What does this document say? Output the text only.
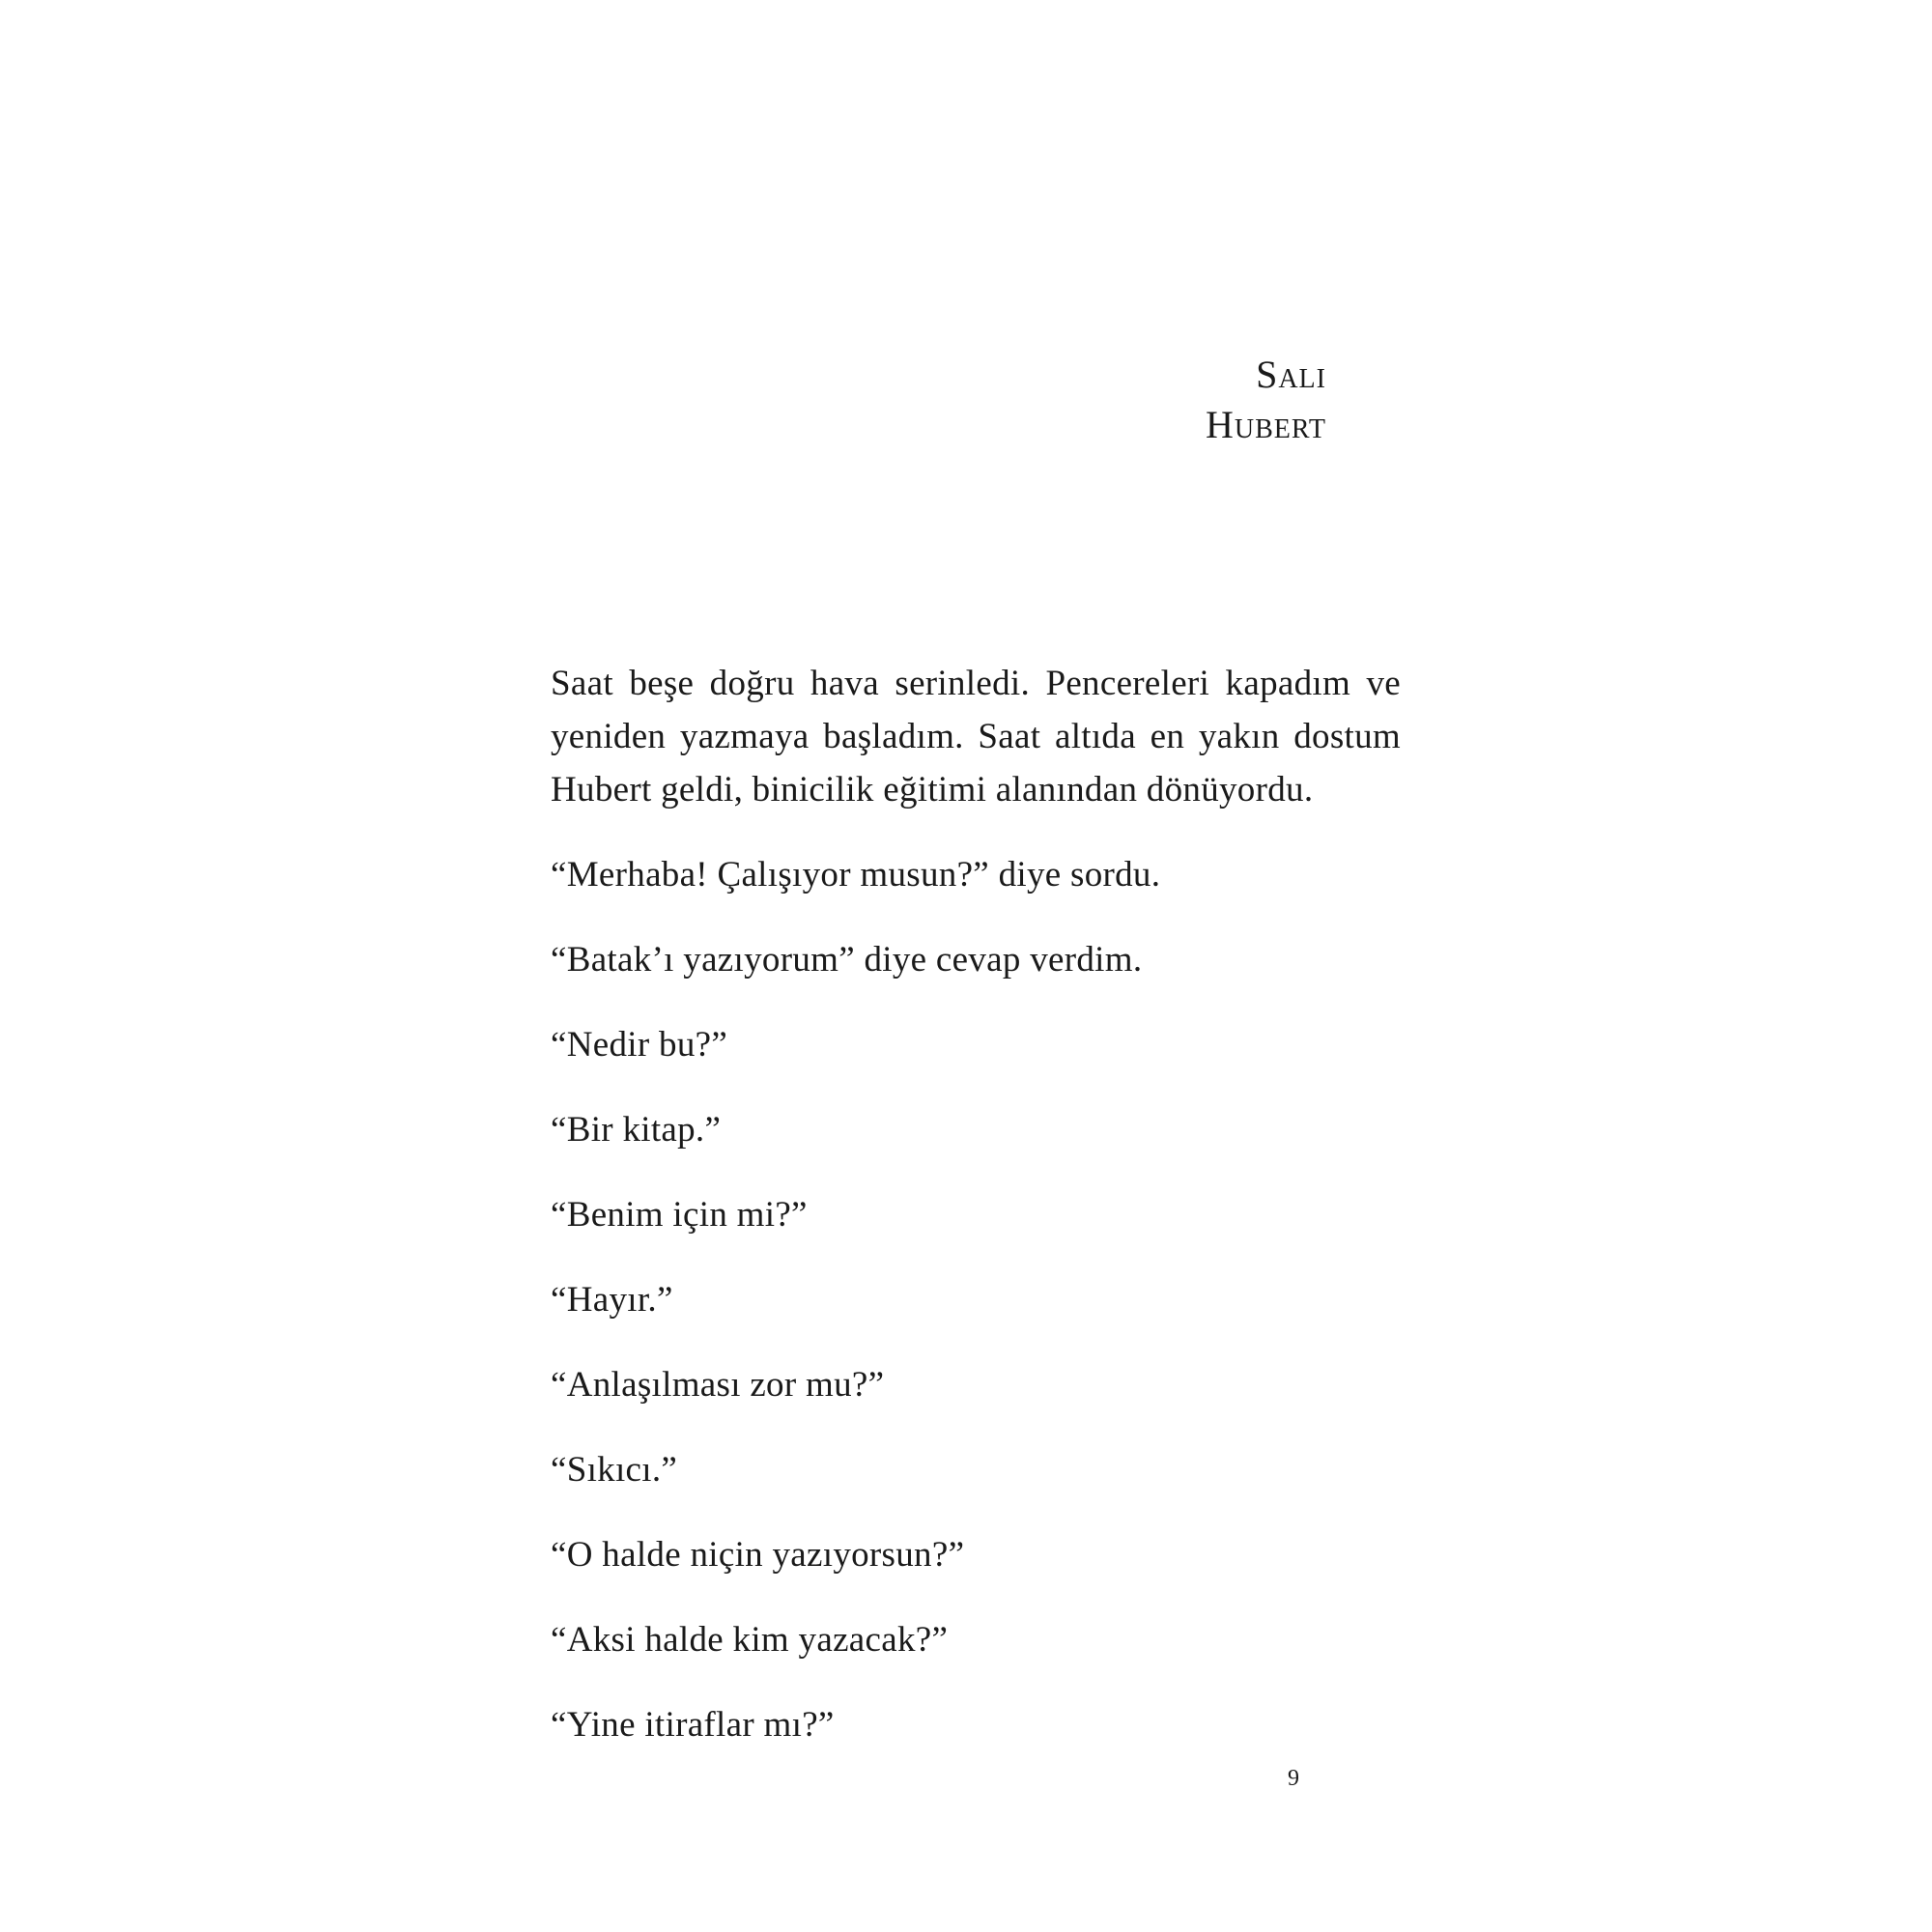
Salı
Hubert

Saat beşe doğru hava serinledi. Pencereleri kapadım ve yeniden yazmaya başladım. Saat altıda en yakın dostum Hubert geldi, binicilik eğitimi alanından dönüyordu.

“Merhaba! Çalışıyor musun?” diye sordu.

“Batak’ı yazıyorum” diye cevap verdim.

“Nedir bu?”

“Bir kitap.”

“Benim için mi?”

“Hayır.”

“Anlaşılması zor mu?”

“Sıkıcı.”

“O halde niçin yazıyorsun?”

“Aksi halde kim yazacak?”

“Yine itiraflar mı?”

9
